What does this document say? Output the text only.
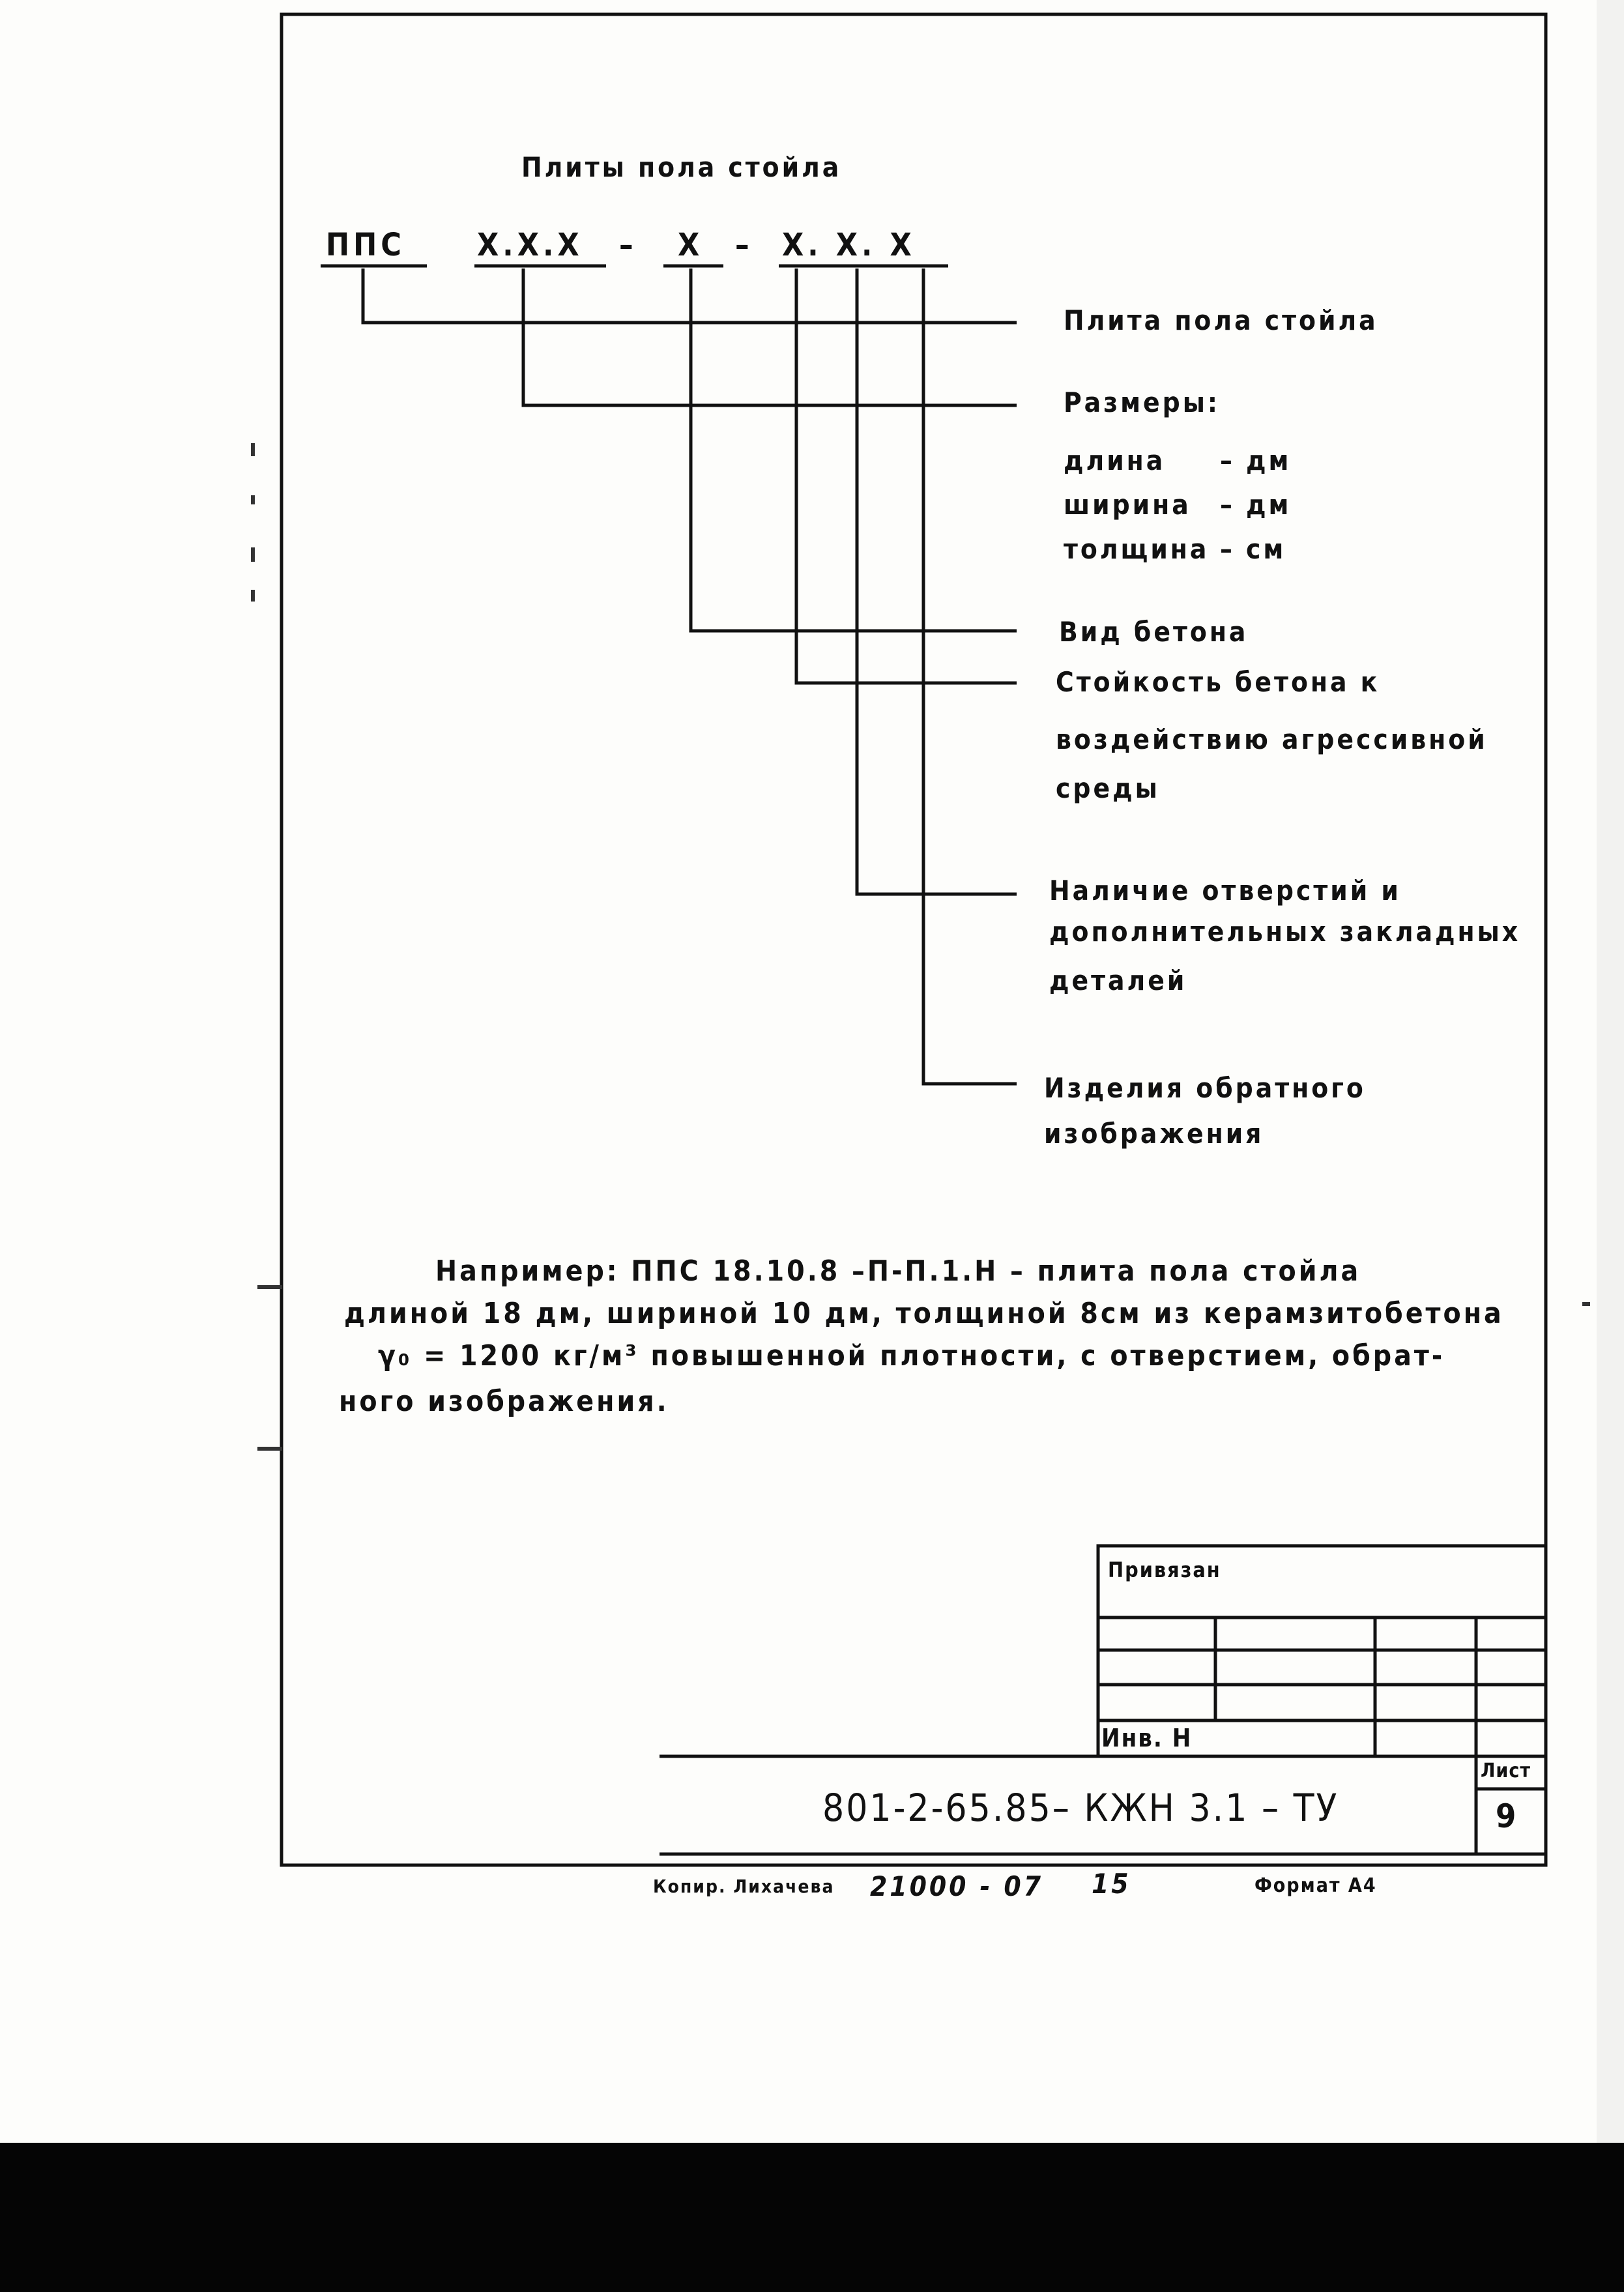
Плиты пола стойла
ППС Х.Х.Х – Х – Х. Х. Х
Плита пола стойла
Размеры:
длина – дм
ширина – дм
толщина – см
Вид бетона
Стойкость бетона к
воздействию агрессивной
среды
Наличие отверстий и
дополнительных закладных
деталей
Изделия обратного
изображения
Например: ППС 18.10.8 –П-П.1.Н – плита пола стойла
длиной 18 дм, шириной 10 дм, толщиной 8см из керамзитобетона
γ₀ = 1200 кг/м³ повышенной плотности, с отверстием, обрат-
ного изображения.
Привязан
Инв. Н
801-2-65.85– КЖН 3.1 – ТУ
Лист
9
Копир. Лихачева 21000 - 07 15	Формат А4
